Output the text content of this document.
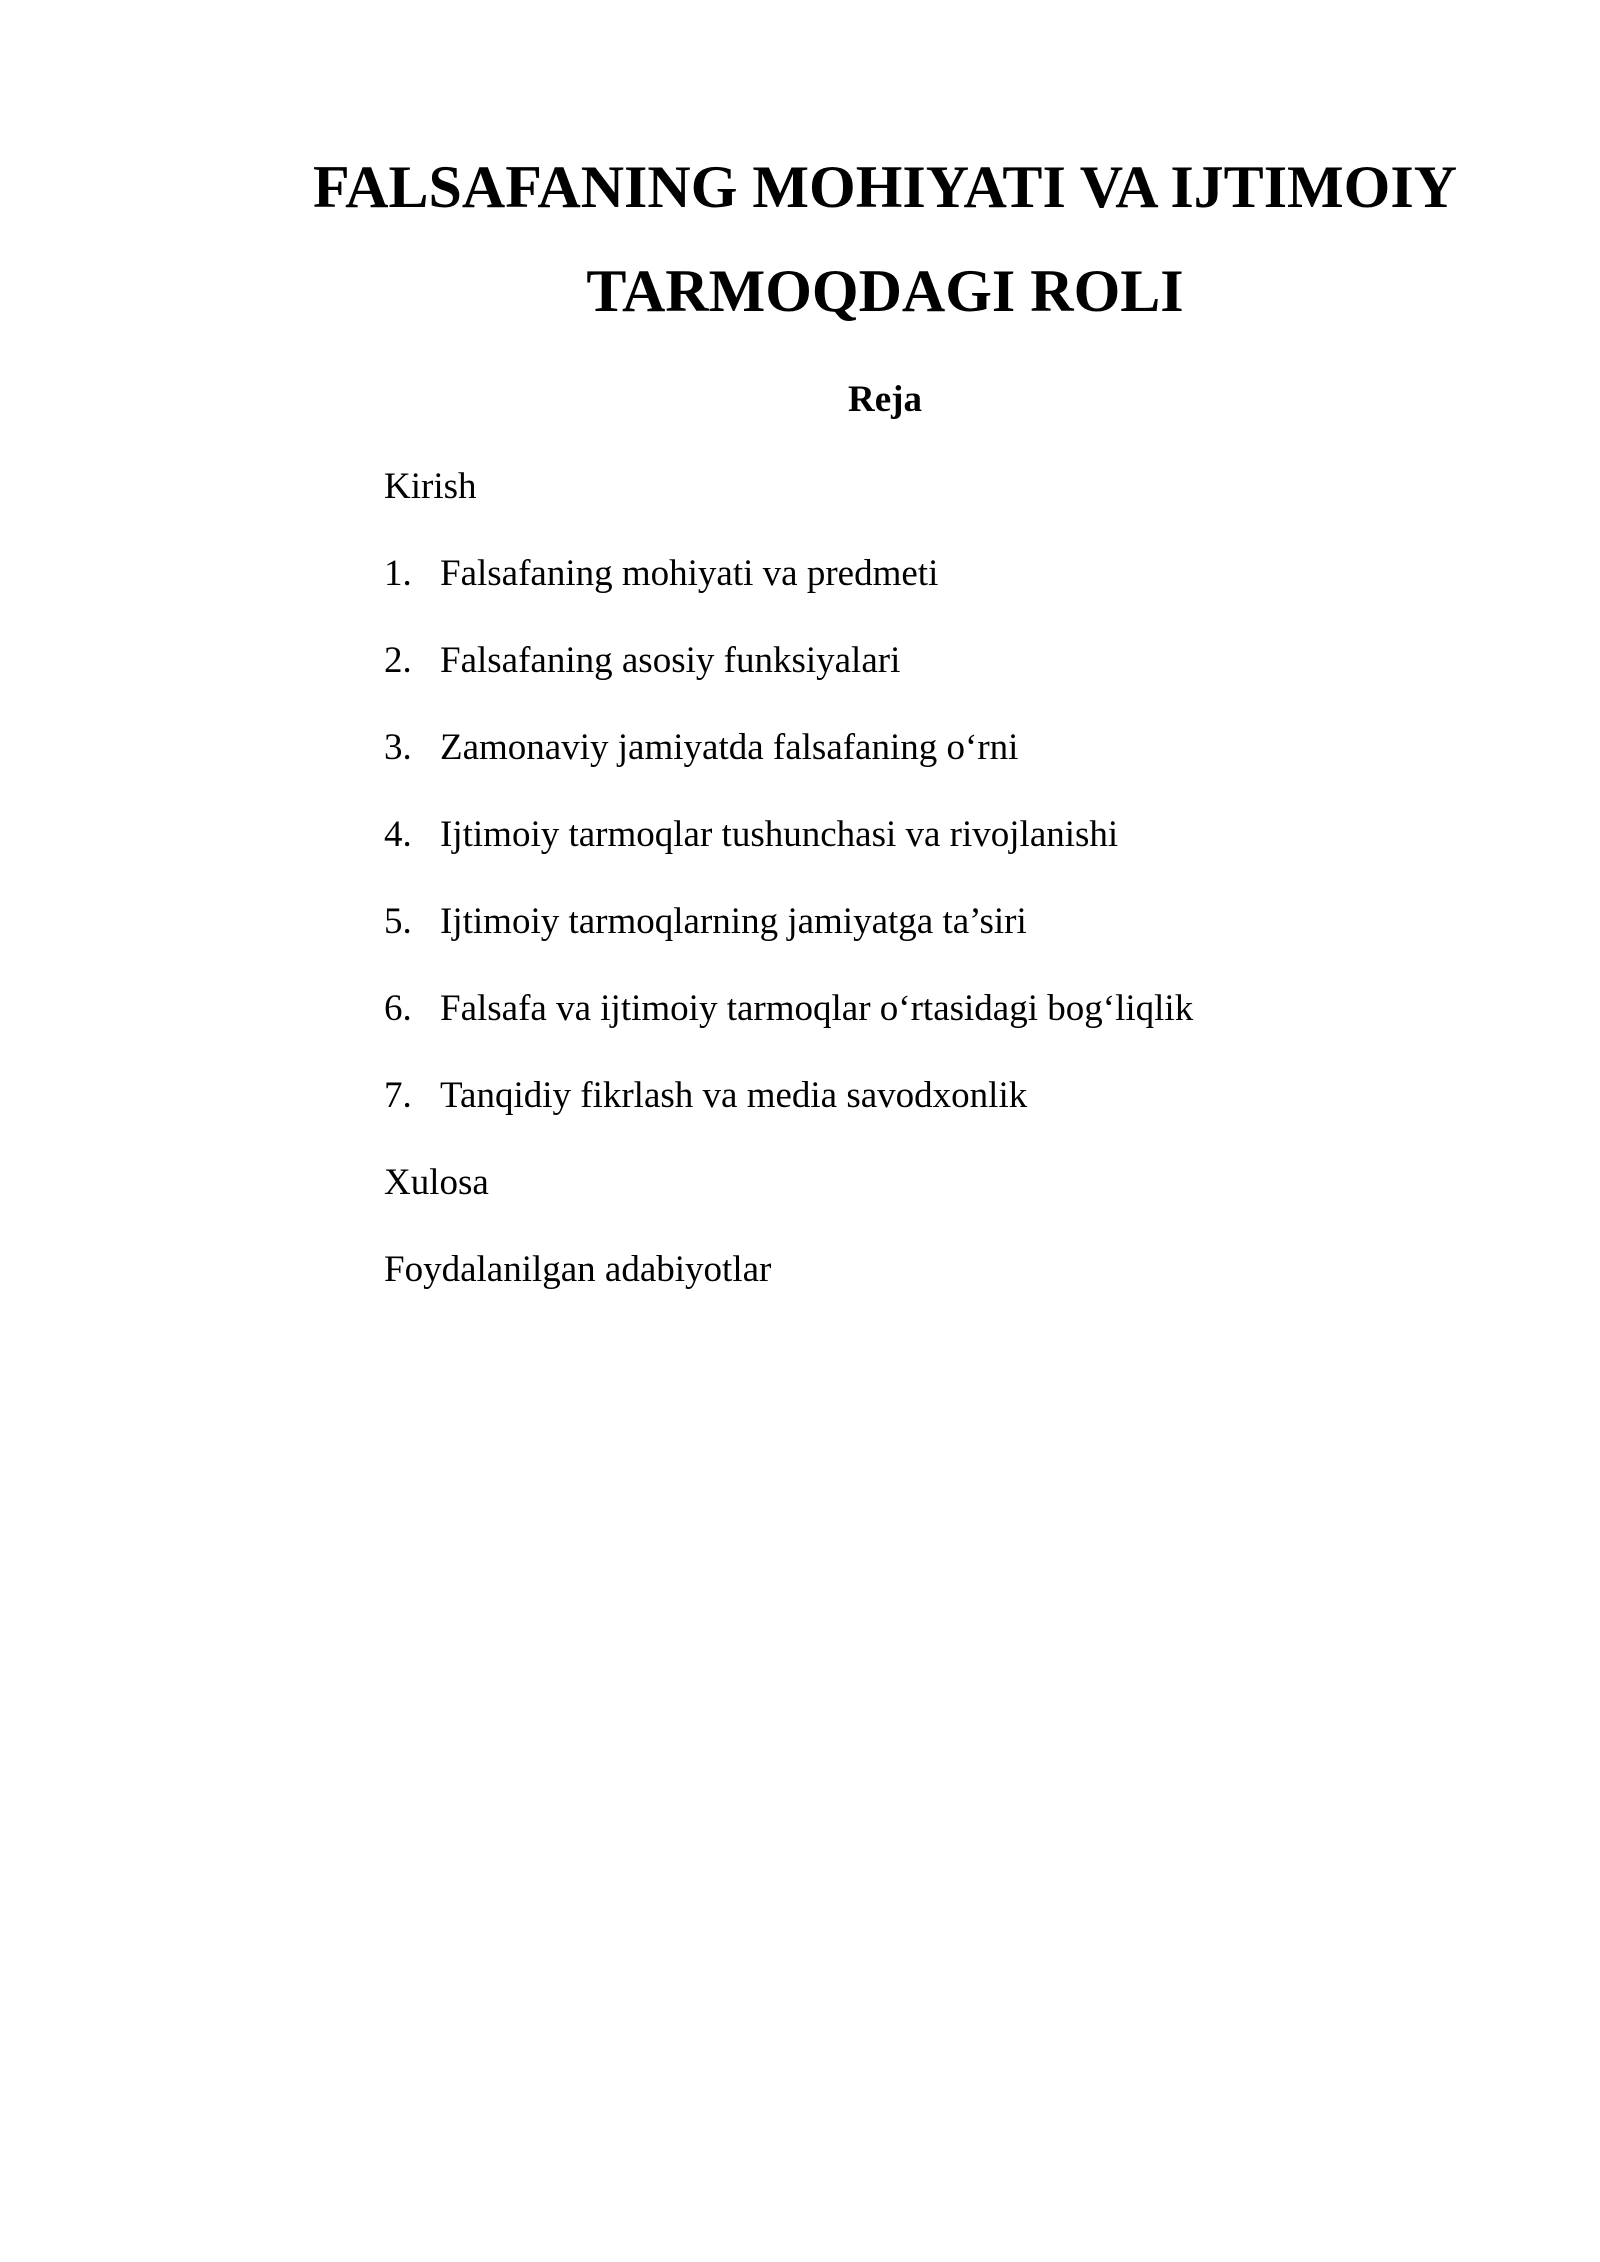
FALSAFANING MOHIYATI VA IJTIMOIY
TARMOQDAGI ROLI
Reja
Kirish
1. Falsafaning mohiyati va predmeti
2. Falsafaning asosiy funksiyalari
3. Zamonaviy jamiyatda falsafaning o‘rni
4. Ijtimoiy tarmoqlar tushunchasi va rivojlanishi
5. Ijtimoiy tarmoqlarning jamiyatga ta’siri
6. Falsafa va ijtimoiy tarmoqlar o‘rtasidagi bog‘liqlik
7. Tanqidiy fikrlash va media savodxonlik
Xulosa
Foydalanilgan adabiyotlar
